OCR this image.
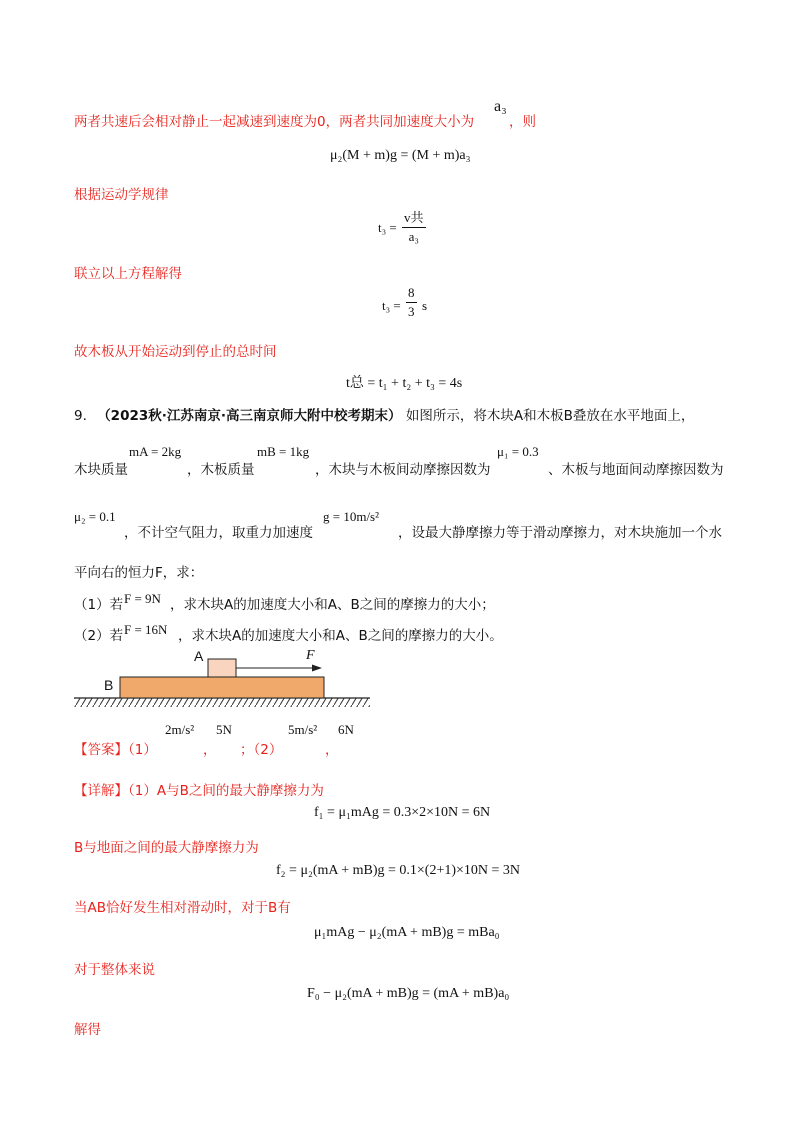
两者共速后会相对静止一起减速到速度为0，两者共同加速度大小为
a₃
，则
μ₂(M + m)g = (M + m)a₃
根据运动学规律
t₃ =
v共
a₃
联立以上方程解得
$t_3 = \frac{8}{3}$ s
故木板从开始运动到停止的总时间
t总 = t₁ + t₂ + t₃ = 4s
9. （2023秋·江苏南京·高三南京师大附中校考期末） 如图所示，将木块A和木板B叠放在水平地面上，
木块质量
mA = 2kg
，木板质量
mB = 1kg
，木块与木板间动摩擦因数为
μ₁ = 0.3
、木板与地面间动摩擦因数为
μ₂ = 0.1
，不计空气阻力，取重力加速度
g = 10m/s²
，设最大静摩擦力等于滑动摩擦力，对木块施加一个水
平向右的恒力F，求：
（1）若 F = 9N ，求木块A的加速度大小和A、B之间的摩擦力的大小；
（2）若 F = 16N ，求木块A的加速度大小和A、B之间的摩擦力的大小。
A
B
F
【答案】（1）
2m/s²
，
5N
；（2）
5m/s²
，
6N
【详解】（1）A与B之间的最大静摩擦力为
f₁ = μ₁mAg = 0.3×2×10N = 6N
B与地面之间的最大静摩擦力为
f₂ = μ₂(mA + mB)g = 0.1×(2+1)×10N = 3N
当AB恰好发生相对滑动时，对于B有
μ₁mAg − μ₂(mA + mB)g = mBa₀
对于整体来说
F₀ − μ₂(mA + mB)g = (mA + mB)a₀
解得
